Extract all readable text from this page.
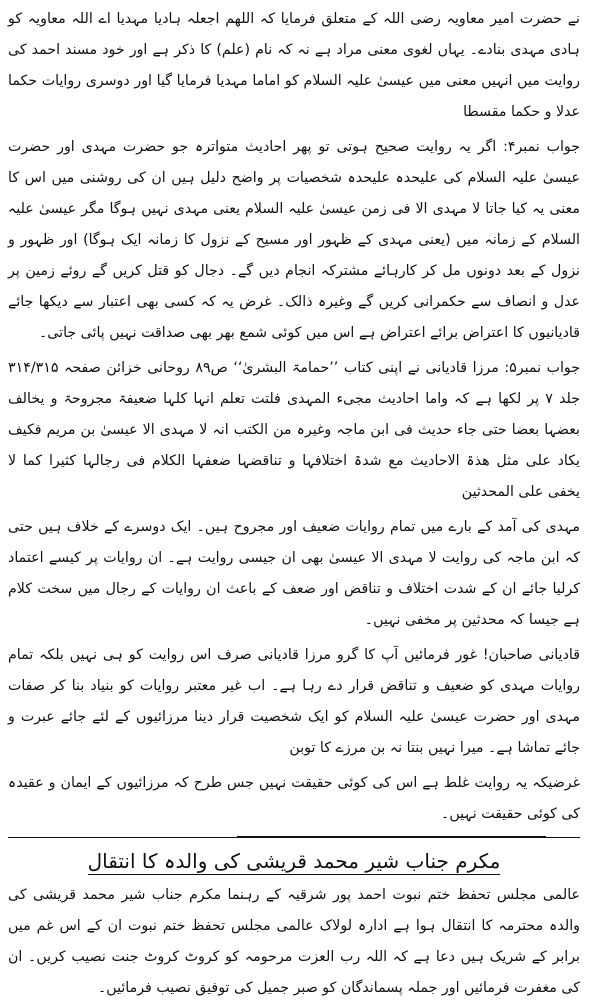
نے حضرت امیر معاویہ رضی اللہ کے متعلق فرمایا کہ اللھم اجعلہ ہادیا مہدیا اے اللہ معاویہ کو ہادی مہدی بنادے۔ یہاں لغوی معنی مراد ہے نہ کہ نام (علم) کا ذکر ہے اور خود مسند احمد کی روایت میں انہیں معنی میں عیسیٰ علیہ السلام کو اماما مہدیا فرمایا گیا اور دوسری روایات حکما عدلا و حکما مقسطا

جواب نمبر۴: اگر یہ روایت صحیح ہوتی تو پھر احادیث متواترہ جو حضرت مہدی اور حضرت عیسیٰ علیہ السلام کی علیحدہ علیحدہ شخصیات پر واضح دلیل ہیں ان کی روشنی میں اس کا معنی یہ کیا جاتا لا مہدی الا فی زمن عیسیٰ علیہ السلام یعنی مہدی نہیں ہوگا مگر عیسیٰ علیہ السلام کے زمانہ میں (یعنی مہدی کے ظہور اور مسیح کے نزول کا زمانہ ایک ہوگا) اور ظہور و نزول کے بعد دونوں مل کر کارہائے مشترکہ انجام دیں گے۔ دجال کو قتل کریں گے روئے زمین پر عدل و انصاف سے حکمرانی کریں گے وغیرہ ذالک۔ غرض یہ کہ کسی بھی اعتبار سے دیکھا جائے قادیانیوں کا اعتراض برائے اعتراض ہے اس میں کوئی شمع بھر بھی صداقت نہیں پائی جاتی۔

جواب نمبر۵: مرزا قادیانی نے اپنی کتاب ’’حمامۃ البشریٰ‘‘ ص۸۹ روحانی خزائن صفحہ ۳۱۴/۳۱۵ جلد ۷ پر لکھا ہے کہ واما احادیث مجیء المہدی فلتت تعلم انہا کلہا ضعیفۃ مجروحۃ و یخالف بعضہا بعضا حتی جاء حدیث فی ابن ماجہ وغیرہ من الکتب انہ لا مہدی الا عیسیٰ بن مریم فکیف یکاد علی مثل ھذۃ الاحادیث مع شدۃ اختلافہا و تناقضہا ضعفہا الکلام فی رجالہا کثیرا کما لا یخفی علی المحدثین

مہدی کی آمد کے بارے میں تمام روایات ضعیف اور مجروح ہیں۔ ایک دوسرے کے خلاف ہیں حتی کہ ابن ماجہ کی روایت لا مہدی الا عیسیٰ بھی ان جیسی روایت ہے۔ ان روایات پر کیسے اعتماد کرلیا جائے ان کے شدت اختلاف و تناقض اور ضعف کے باعث ان روایات کے رجال میں سخت کلام ہے جیسا کہ محدثین پر مخفی نہیں۔

قادیانی صاحبان! غور فرمائیں آپ کا گرو مرزا قادیانی صرف اس روایت کو ہی نہیں بلکہ تمام روایات مہدی کو ضعیف و تناقض قرار دے رہا ہے۔ اب غیر معتبر روایات کو بنیاد بنا کر صفات مہدی اور حضرت عیسیٰ علیہ السلام کو ایک شخصیت قرار دینا مرزائیوں کے لئے جائے عبرت و جائے تماشا ہے۔ میرا نہیں بنتا نہ بن مرزے کا توبن

غرضیکہ یہ روایت غلط ہے اس کی کوئی حقیقت نہیں جس طرح کہ مرزائیوں کے ایمان و عقیدہ کی کوئی حقیقت نہیں۔

مکرم جناب شیر محمد قریشی کی والدہ کا انتقال

عالمی مجلس تحفظ ختم نبوت احمد پور شرقیہ کے رہنما مکرم جناب شیر محمد قریشی کی والدہ محترمہ کا انتقال ہوا ہے ادارہ لولاک عالمی مجلس تحفظ ختم نبوت ان کے اس غم میں برابر کے شریک ہیں دعا ہے کہ اللہ رب العزت مرحومہ کو کروٹ کروٹ جنت نصیب کریں۔ ان کی مغفرت فرمائیں اور جملہ پسماندگان کو صبر جمیل کی توفیق نصیب فرمائیں۔
